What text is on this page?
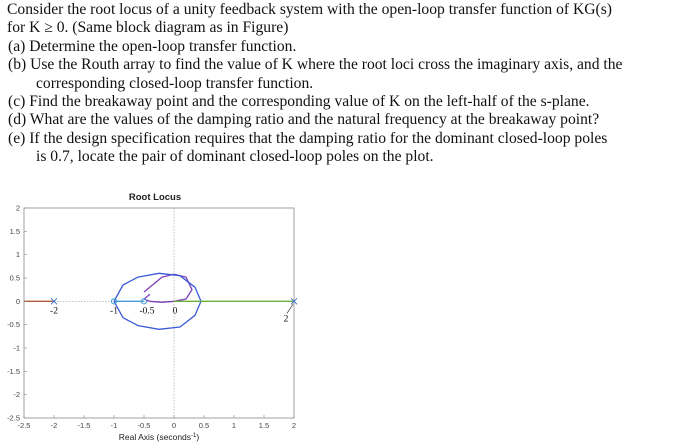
Consider the root locus of a unity feedback system with the open-loop transfer function of KG(s)
for K ≥ 0. (Same block diagram as in Figure)
(a) Determine the open-loop transfer function.
(b) Use the Routh array to find the value of K where the root loci cross the imaginary axis, and the
corresponding closed-loop transfer function.
(c) Find the breakaway point and the corresponding value of K on the left-half of the s-plane.
(d) What are the values of the damping ratio and the natural frequency at the breakaway point?
(e) If the design specification requires that the damping ratio for the dominant closed-loop poles
is 0.7, locate the pair of dominant closed-loop poles on the plot.
Root Locus
-2.5	-2	-1.5	-1	-0.5	0	0.5	1	1.5	2
2
1.5
1
0.5
0
-0.5
-1
-1.5
-2
-2.5
-2	-1 -0.5 0
2
Real Axis (seconds$^{-1}$)
